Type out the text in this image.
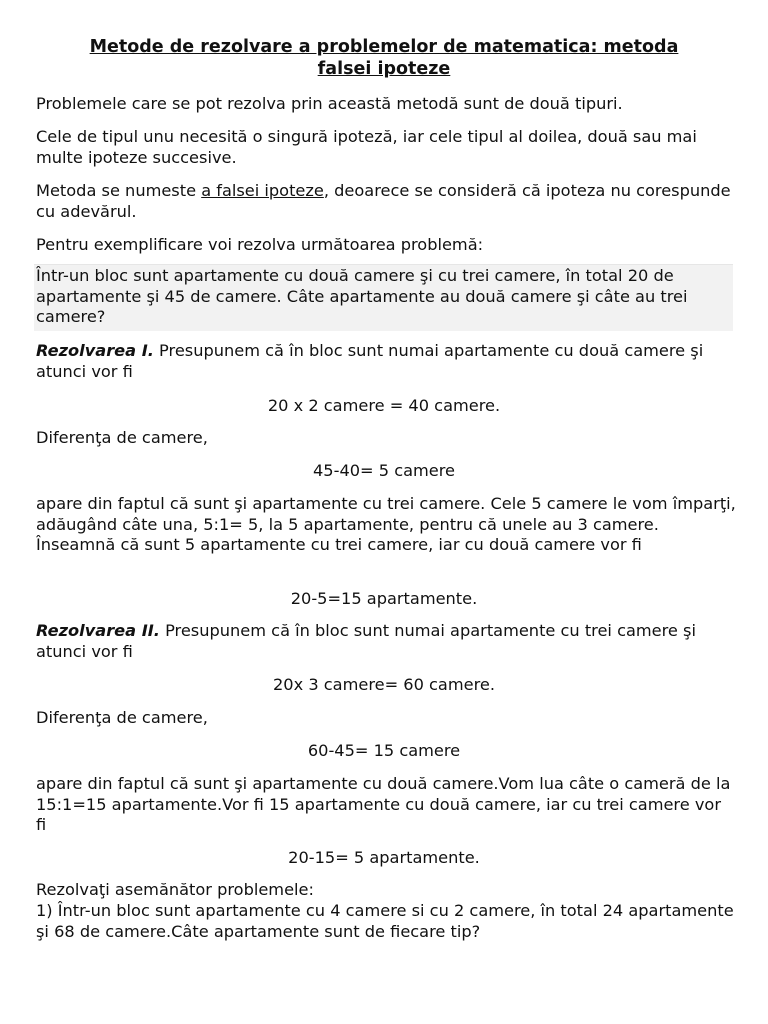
Metode de rezolvare a problemelor de matematica: metoda
falsei ipoteze

Problemele care se pot rezolva prin această metodă sunt de două tipuri.

Cele de tipul unu necesită o singură ipoteză, iar cele tipul al doilea, două sau mai multe ipoteze succesive.

Metoda se numeste a falsei ipoteze, deoarece se consideră că ipoteza nu corespunde cu adevărul.

Pentru exemplificare voi rezolva următoarea problemă:

Într-un bloc sunt apartamente cu două camere şi cu trei camere, în total 20 de apartamente şi 45 de camere. Câte apartamente au două camere şi câte au trei camere?

Rezolvarea I. Presupunem că în bloc sunt numai apartamente cu două camere şi atunci vor fi

20 x 2 camere = 40 camere.

Diferenţa de camere,

45-40= 5 camere

apare din faptul că sunt şi apartamente cu trei camere. Cele 5 camere le vom împarţi, adăugând câte una, 5:1= 5, la 5 apartamente, pentru că unele au 3 camere. Înseamnă că sunt 5 apartamente cu trei camere, iar cu două camere vor fi

20-5=15 apartamente.

Rezolvarea II. Presupunem că în bloc sunt numai apartamente cu trei camere şi atunci vor fi

20x 3 camere= 60 camere.

Diferenţa de camere,

60-45= 15 camere

apare din faptul că sunt şi apartamente cu două camere.Vom lua câte o cameră de la 15:1=15 apartamente.Vor fi 15 apartamente cu două camere, iar cu trei camere vor fi

20-15= 5 apartamente.

Rezolvaţi asemănător problemele:

1) Într-un bloc sunt apartamente cu 4 camere si cu 2 camere, în total 24 apartamente şi 68 de camere.Câte apartamente sunt de fiecare tip?
